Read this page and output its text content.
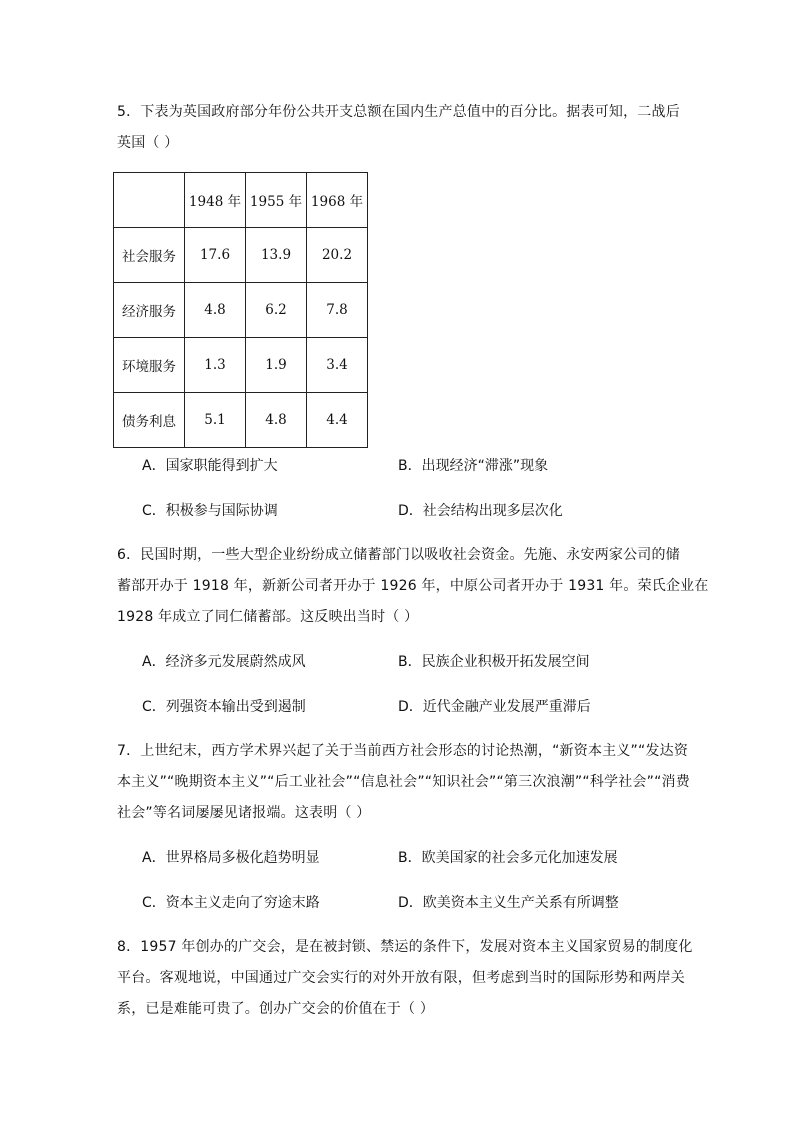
5．下表为英国政府部分年份公共开支总额在国内生产总值中的百分比。据表可知，二战后
英国（ ）
	1948 年	1955 年	1968 年
社会服务	17.6	13.9	20.2
经济服务	4.8	6.2	7.8
环境服务	1.3	1.9	3.4
债务利息	5.1	4.8	4.4
A．国家职能得到扩大	B．出现经济“滞涨”现象
C．积极参与国际协调	D．社会结构出现多层次化
6．民国时期，一些大型企业纷纷成立储蓄部门以吸收社会资金。先施、永安两家公司的储
蓄部开办于 1918 年，新新公司者开办于 1926 年，中原公司者开办于 1931 年。荣氏企业在
1928 年成立了同仁储蓄部。这反映出当时（ ）
A．经济多元发展蔚然成风	B．民族企业积极开拓发展空间
C．列强资本输出受到遏制	D．近代金融产业发展严重滞后
7．上世纪末，西方学术界兴起了关于当前西方社会形态的讨论热潮，“新资本主义”“发达资
本主义”“晚期资本主义”“后工业社会”“信息社会”“知识社会”“第三次浪潮”“科学社会”“消费
社会”等名词屡屡见诸报端。这表明（ ）
A．世界格局多极化趋势明显	B．欧美国家的社会多元化加速发展
C．资本主义走向了穷途末路	D．欧美资本主义生产关系有所调整
8．1957 年创办的广交会，是在被封锁、禁运的条件下，发展对资本主义国家贸易的制度化
平台。客观地说，中国通过广交会实行的对外开放有限，但考虑到当时的国际形势和两岸关
系，已是难能可贵了。创办广交会的价值在于（ ）
